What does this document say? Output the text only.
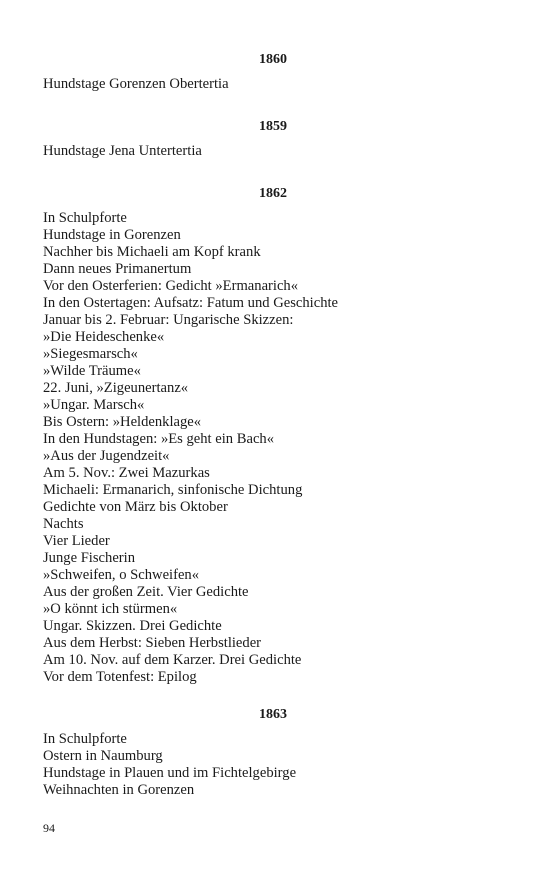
1860
Hundstage Gorenzen Obertertia
1859
Hundstage Jena Untertertia
1862
In Schulpforte
Hundstage in Gorenzen
Nachher bis Michaeli am Kopf krank
Dann neues Primanertum
Vor den Osterferien: Gedicht »Ermanarich«
In den Ostertagen: Aufsatz: Fatum und Geschichte
Januar bis 2. Februar: Ungarische Skizzen:
»Die Heideschenke«
»Siegesmarsch«
»Wilde Träume«
22. Juni, »Zigeunertanz«
»Ungar. Marsch«
Bis Ostern: »Heldenklage«
In den Hundstagen: »Es geht ein Bach«
»Aus der Jugendzeit«
Am 5. Nov.: Zwei Mazurkas
Michaeli: Ermanarich, sinfonische Dichtung
Gedichte von März bis Oktober
Nachts
Vier Lieder
Junge Fischerin
»Schweifen, o Schweifen«
Aus der großen Zeit. Vier Gedichte
»O könnt ich stürmen«
Ungar. Skizzen. Drei Gedichte
Aus dem Herbst: Sieben Herbstlieder
Am 10. Nov. auf dem Karzer. Drei Gedichte
Vor dem Totenfest: Epilog
1863
In Schulpforte
Ostern in Naumburg
Hundstage in Plauen und im Fichtelgebirge
Weihnachten in Gorenzen
94
